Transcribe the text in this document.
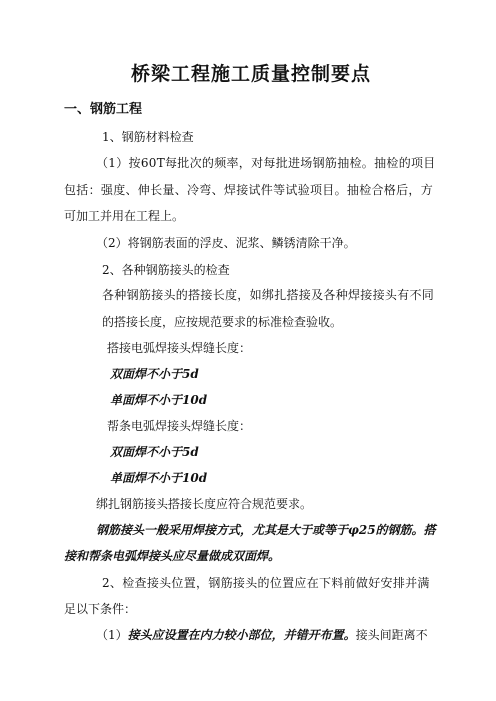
桥梁工程施工质量控制要点
一、钢筋工程
1、钢筋材料检查
（1）按60T每批次的频率，对每批进场钢筋抽检。抽检的项目
包括：强度、伸长量、冷弯、焊接试件等试验项目。抽检合格后，方
可加工并用在工程上。
（2）将钢筋表面的浮皮、泥浆、鳞锈清除干净。
2、各种钢筋接头的检查
各种钢筋接头的搭接长度，如绑扎搭接及各种焊接接头有不同
的搭接长度，应按规范要求的标准检查验收。
搭接电弧焊接头焊缝长度：
双面焊不小于5d
单面焊不小于10d
帮条电弧焊接头焊缝长度：
双面焊不小于5d
单面焊不小于10d
绑扎钢筋接头搭接长度应符合规范要求。
钢筋接头一般采用焊接方式，尤其是大于或等于φ25的钢筋。搭
接和帮条电弧焊接头应尽量做成双面焊。
2、检查接头位置，钢筋接头的位置应在下料前做好安排并满
足以下条件：
（1）接头应设置在内力较小部位，并错开布置。接头间距离不
